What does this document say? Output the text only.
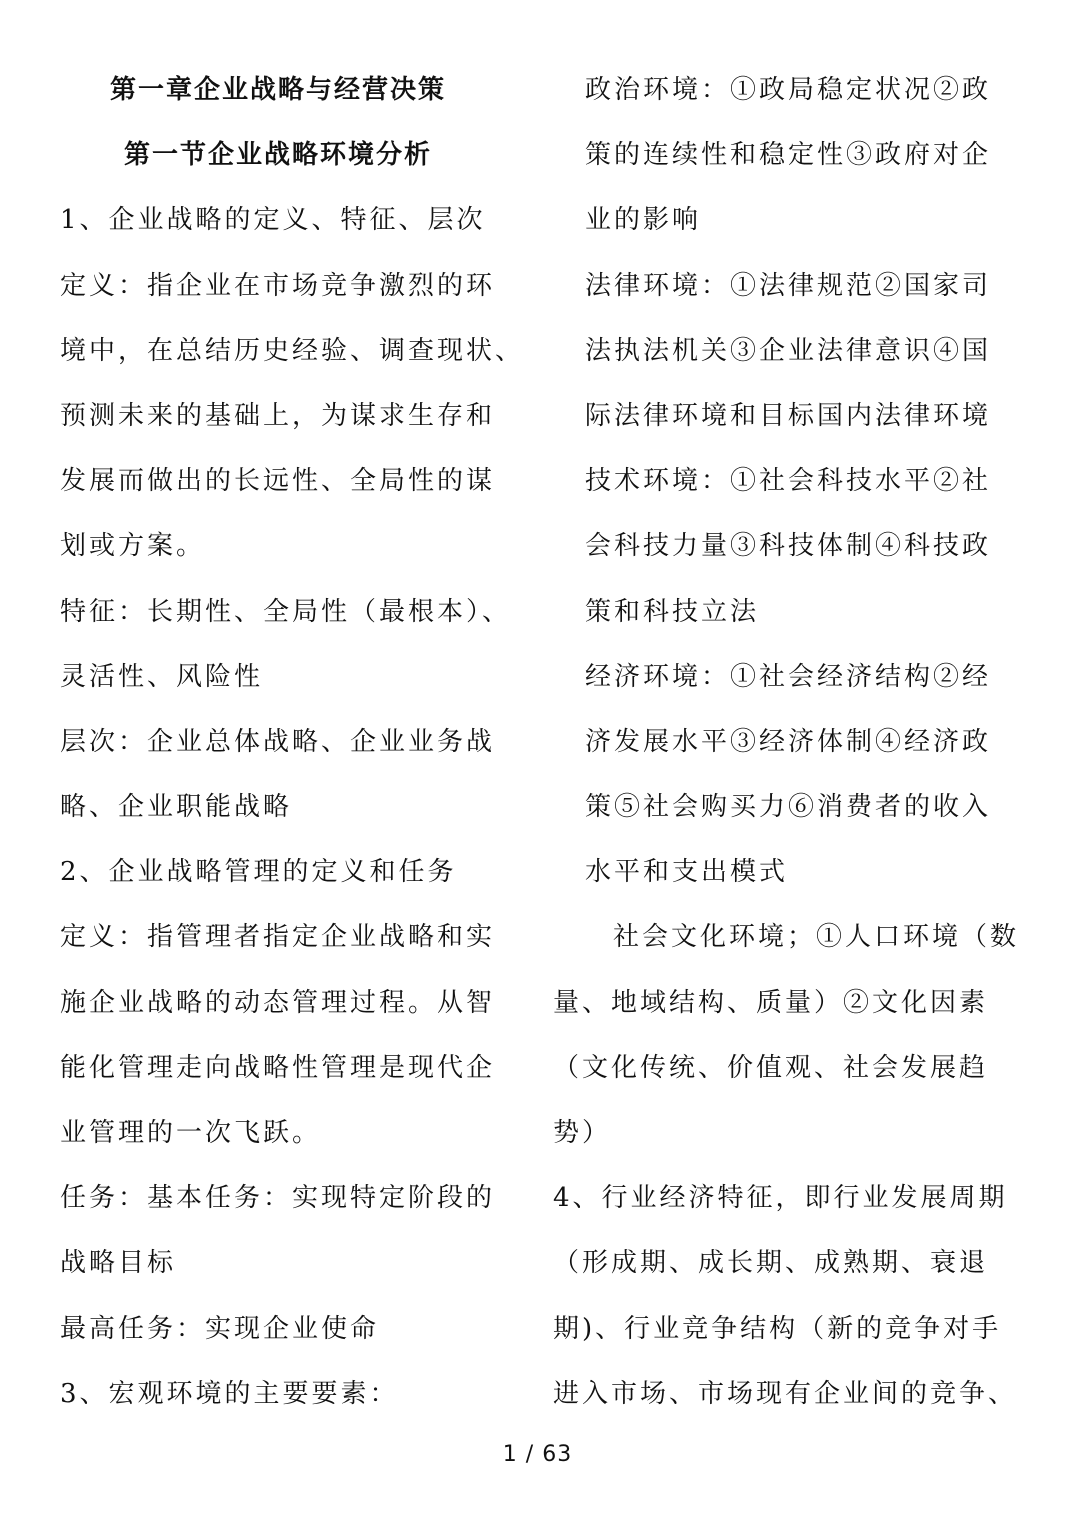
第一章企业战略与经营决策
第一节企业战略环境分析
1、企业战略的定义、特征、层次
定义：指企业在市场竞争激烈的环
境中，在总结历史经验、调查现状、
预测未来的基础上，为谋求生存和
发展而做出的长远性、全局性的谋
划或方案。
特征：长期性、全局性（最根本）、
灵活性、风险性
层次：企业总体战略、企业业务战
略、企业职能战略
2、企业战略管理的定义和任务
定义：指管理者指定企业战略和实
施企业战略的动态管理过程。从智
能化管理走向战略性管理是现代企
业管理的一次飞跃。
任务：基本任务：实现特定阶段的
战略目标
最高任务：实现企业使命
3、宏观环境的主要要素：
政治环境：①政局稳定状况②政
策的连续性和稳定性③政府对企
业的影响
法律环境：①法律规范②国家司
法执法机关③企业法律意识④国
际法律环境和目标国内法律环境
技术环境：①社会科技水平②社
会科技力量③科技体制④科技政
策和科技立法
经济环境：①社会经济结构②经
济发展水平③经济体制④经济政
策⑤社会购买力⑥消费者的收入
水平和支出模式
社会文化环境；①人口环境（数
量、地域结构、质量）②文化因素
（文化传统、价值观、社会发展趋
势）
4、行业经济特征，即行业发展周期
（形成期、成长期、成熟期、衰退
期)、行业竞争结构（新的竞争对手
进入市场、市场现有企业间的竞争、
1 / 63
